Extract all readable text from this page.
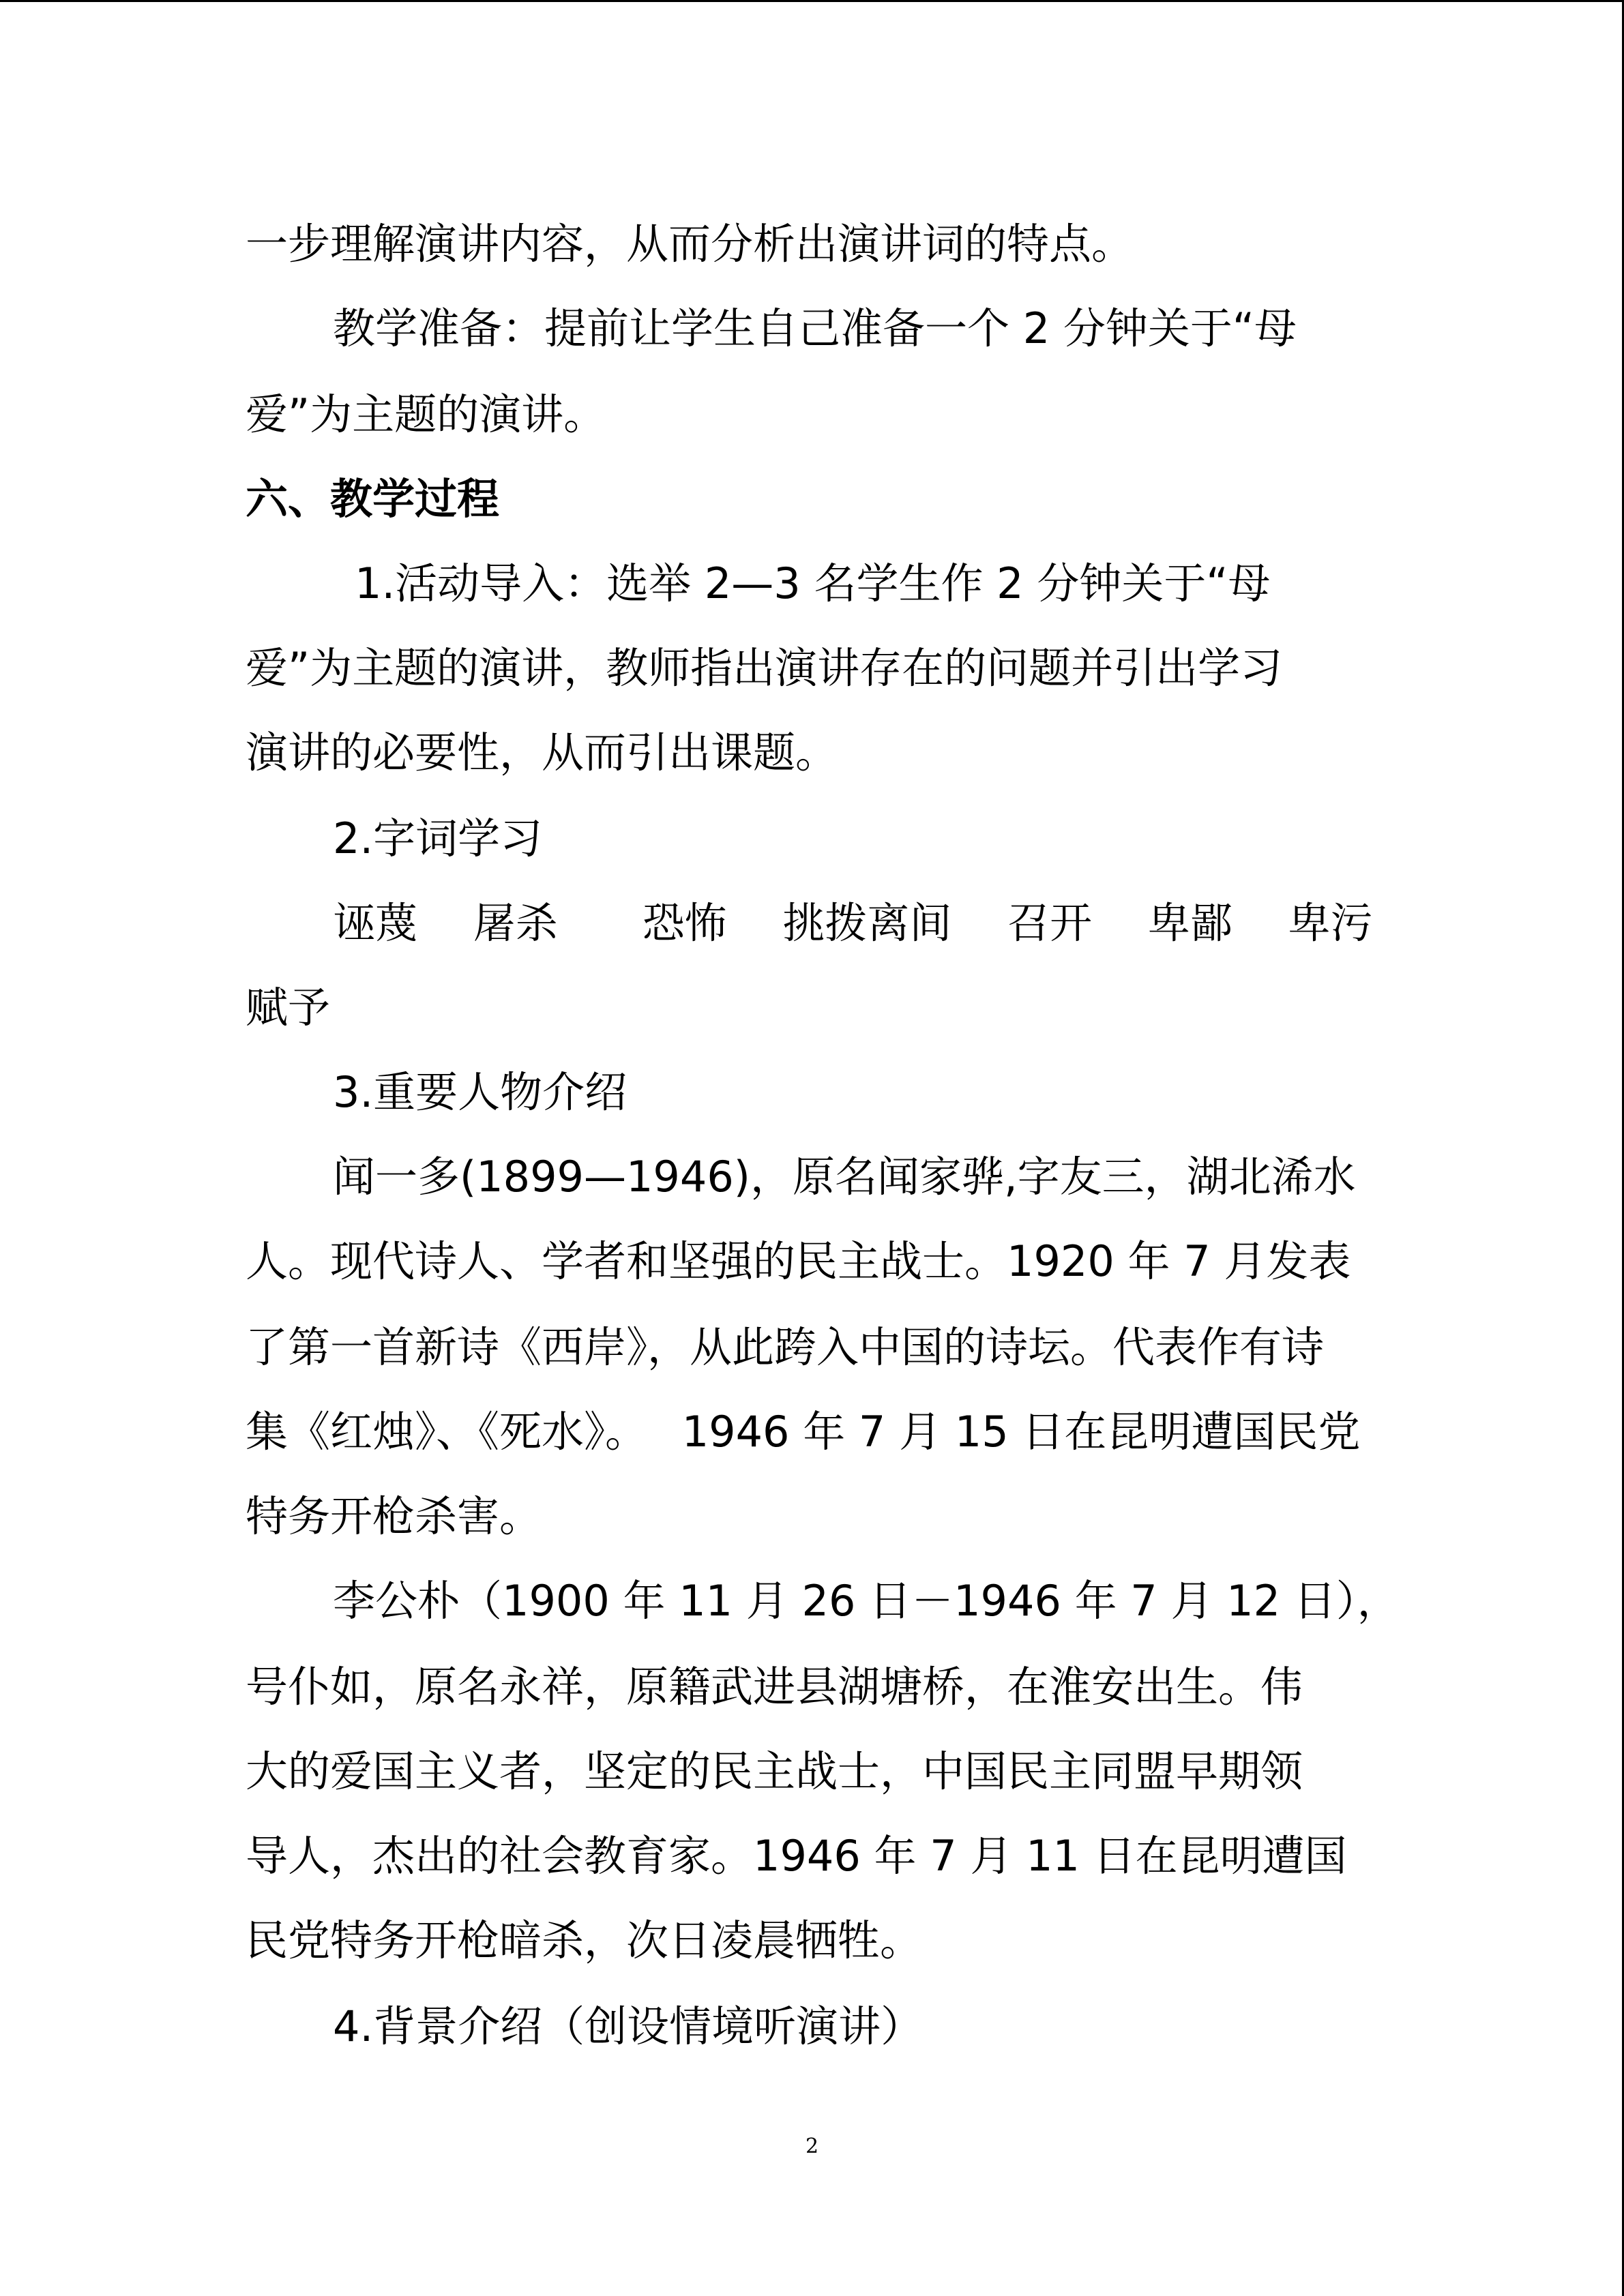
一步理解演讲内容，从而分析出演讲词的特点。
教学准备：提前让学生自己准备一个 2 分钟关于“母
爱”为主题的演讲。
六、教学过程
1.活动导入：选举 2—3 名学生作 2 分钟关于“母
爱”为主题的演讲，教师指出演讲存在的问题并引出学习
演讲的必要性，从而引出课题。
2.字词学习
诬蔑　 屠杀　　恐怖　 挑拨离间　 召开　 卑鄙　 卑污
赋予
3.重要人物介绍
闻一多(1899—1946)，原名闻家骅,字友三，湖北浠水
人。现代诗人、学者和坚强的民主战士。1920 年 7 月发表
了第一首新诗《西岸》，从此跨入中国的诗坛。代表作有诗
集《红烛》、《死水》。　 1946 年 7 月 15 日在昆明遭国民党
特务开枪杀害。
李公朴（1900 年 11 月 26 日－1946 年 7 月 12 日），
号仆如，原名永祥，原籍武进县湖塘桥，在淮安出生。伟
大的爱国主义者，坚定的民主战士，中国民主同盟早期领
导人，杰出的社会教育家。1946 年 7 月 11 日在昆明遭国
民党特务开枪暗杀，次日凌晨牺牲。
4.背景介绍（创设情境听演讲）
2
